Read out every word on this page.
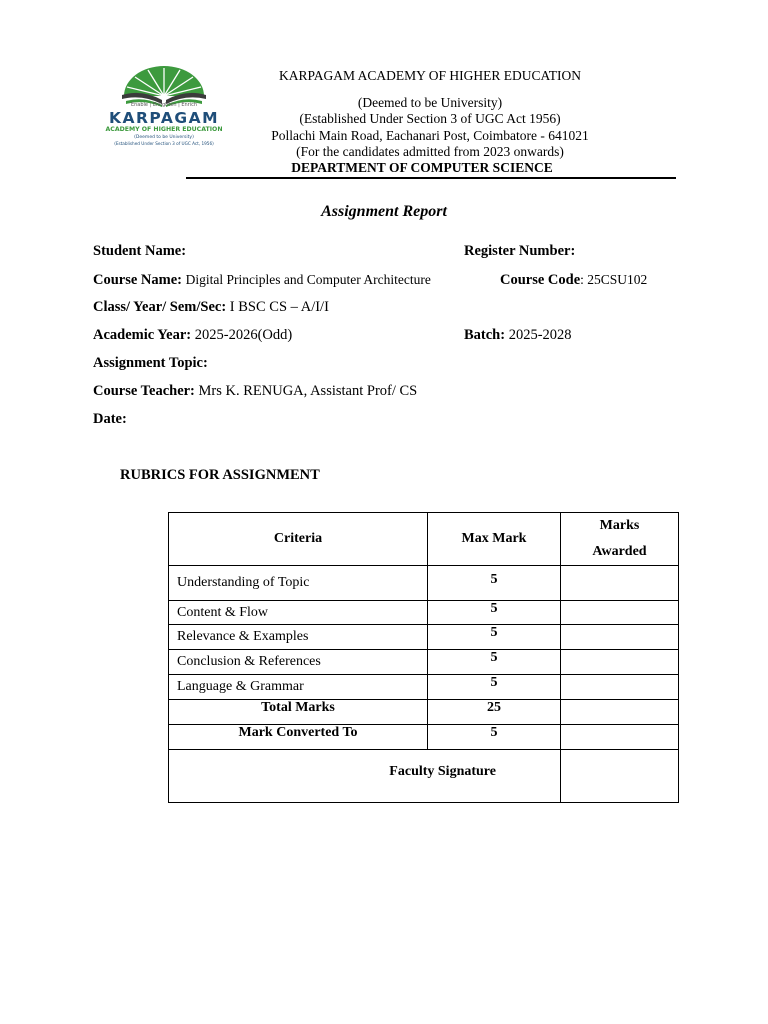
Enable | Enlighten | Enrich
KARPAGAM
ACADEMY OF HIGHER EDUCATION
(Deemed to be University)
(Established Under Section 3 of UGC Act, 1956)
KARPAGAM ACADEMY OF HIGHER EDUCATION
(Deemed to be University)
(Established Under Section 3 of UGC Act 1956)
Pollachi Main Road, Eachanari Post, Coimbatore - 641021
(For the candidates admitted from 2023 onwards)
DEPARTMENT OF COMPUTER SCIENCE
Assignment Report
Student Name:	Register Number:
Course Name: Digital Principles and Computer Architecture	Course Code: 25CSU102
Class/ Year/ Sem/Sec: I BSC CS – A/I/I
Academic Year: 2025-2026(Odd)	Batch: 2025-2028
Assignment Topic:
Course Teacher: Mrs K. RENUGA, Assistant Prof/ CS
Date:
RUBRICS FOR ASSIGNMENT
Criteria	Max Mark	Marks
Awarded

Understanding of Topic	5	
Content & Flow	5	
Relevance & Examples	5	
Conclusion & References	5	
Language & Grammar	5	
Total Marks	25	
Mark Converted To	5	
Faculty Signature		
